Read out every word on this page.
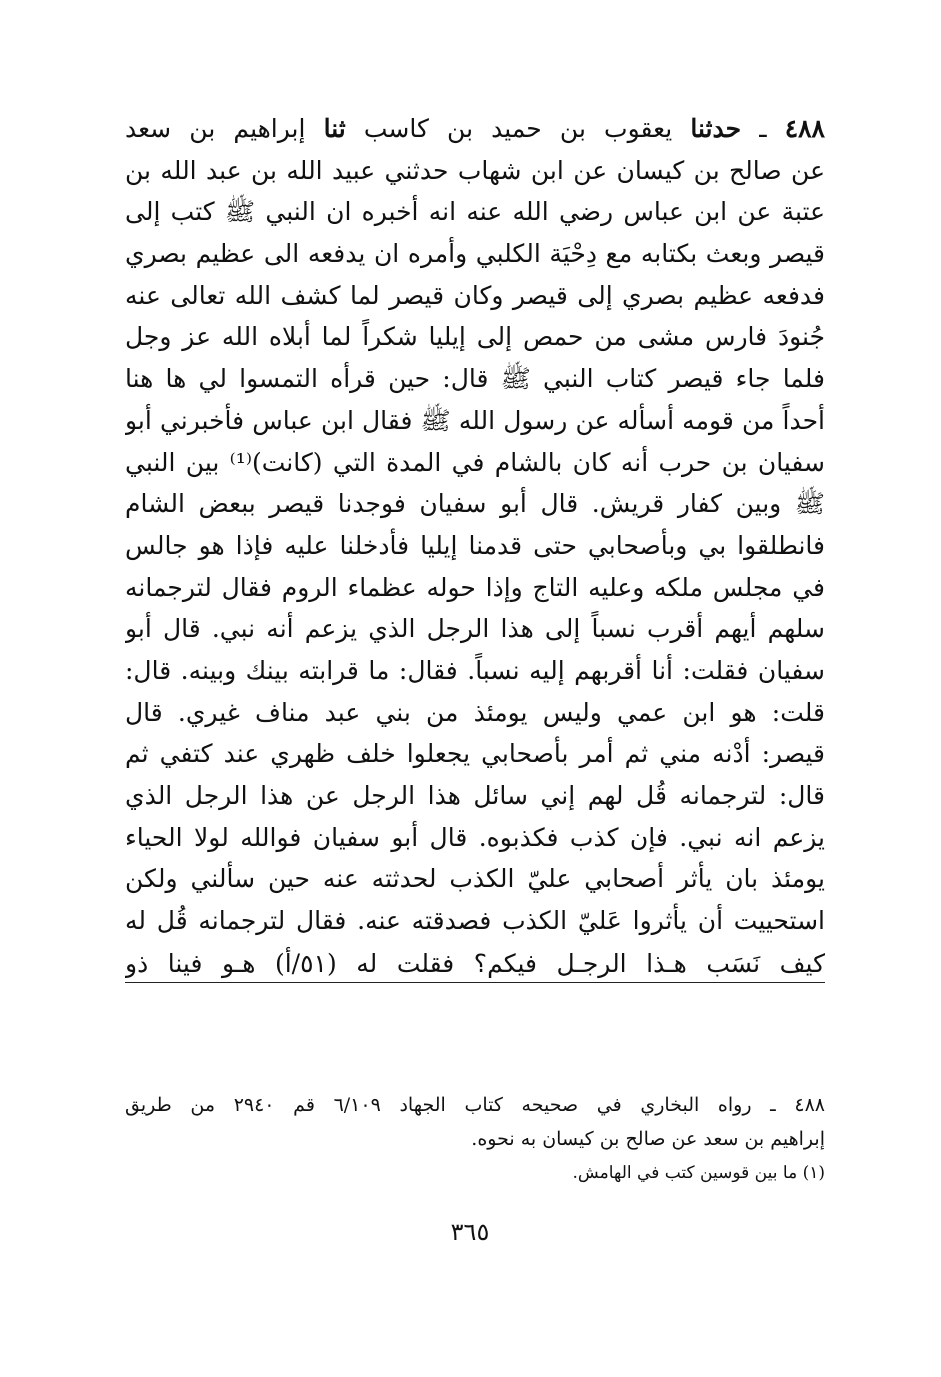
٤٨٨ ـ حدثنا يعقوب بن حميد بن كاسب ثنا إبراهيم بن سعد
عن صالح بن كيسان عن ابن شهاب حدثني عبيد الله بن عبد الله بن
عتبة عن ابن عباس رضي الله عنه انه أخبره ان النبي ﷺ كتب إلى
قيصر وبعث بكتابه مع دِحْيَة الكلبي وأمره ان يدفعه الى عظيم بصري
فدفعه عظيم بصري إلى قيصر وكان قيصر لما كشف الله تعالى عنه
جُنودَ فارس مشى من حمص إلى إيليا شكراً لما أبلاه الله عز وجل
فلما جاء قيصر كتاب النبي ﷺ قال: حين قرأه التمسوا لي ها هنا
أحداً من قومه أسأله عن رسول الله ﷺ فقال ابن عباس فأخبرني أبو
سفيان بن حرب أنه كان بالشام في المدة التي (كانت)⁽¹⁾ بين النبي
ﷺ وبين كفار قريش. قال أبو سفيان فوجدنا قيصر ببعض الشام
فانطلقوا بي وبأصحابي حتى قدمنا إيليا فأدخلنا عليه فإذا هو جالس
في مجلس ملكه وعليه التاج وإذا حوله عظماء الروم فقال لترجمانه
سلهم أيهم أقرب نسباً إلى هذا الرجل الذي يزعم أنه نبي. قال أبو
سفيان فقلت: أنا أقربهم إليه نسباً. فقال: ما قرابته بينك وبينه. قال:
قلت: هو ابن عمي وليس يومئذ من بني عبد مناف غيري. قال
قيصر: أدْنه مني ثم أمر بأصحابي يجعلوا خلف ظهري عند كتفي ثم
قال: لترجمانه قُل لهم إني سائل هذا الرجل عن هذا الرجل الذي
يزعم انه نبي. فإن كذب فكذبوه. قال أبو سفيان فوالله لولا الحياء
يومئذ بان يأثر أصحابي عليّ الكذب لحدثته عنه حين سألني ولكن
استحييت أن يأثروا عَليّ الكذب فصدقته عنه. فقال لترجمانه قُل له
كيف نَسَب هـذا الرجـل فيكم؟ فقلت له (٥١/أ) هـو فينا ذو
٤٨٨ ـ رواه البخاري في صحيحه كتاب الجهاد ٦/١٠٩ قم ٢٩٤٠ من طريق
إبراهيم بن سعد عن صالح بن كيسان به نحوه.
(١) ما بين قوسين كتب في الهامش.
٣٦٥
